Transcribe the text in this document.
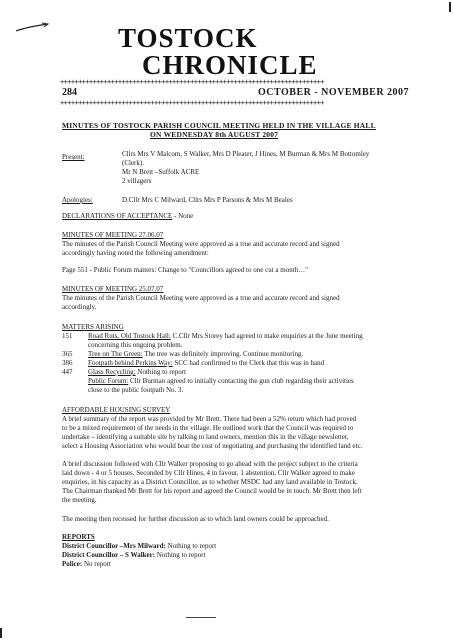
TOSTOCK
CHRONICLE
+++++++++++++++++++++++++++++++++++++++++++++++++++++++++++++++++++++++++
284	OCTOBER - NOVEMBER 2007
+++++++++++++++++++++++++++++++++++++++++++++++++++++++++++++++++++++++++
MINUTES OF TOSTOCK PARISH COUNCIL MEETING HELD IN THE VILLAGE HALL
ON WEDNESDAY 8th AUGUST 2007
Present:	Cllrs Mrs V Malcom, S Walker, Mrs D Pleater, J Hines, M Burman & Mrs M Bottomley
(Clerk).
Mr N Brett –Suffolk ACRE
2 villagers
Apologies:	D.Cllr Mrs C Milward, Cllrs Mrs P Parsons & Mrs M Beales
DECLARATIONS OF ACCEPTANCE - None
MINUTES OF MEETING 27.06.07
The minutes of the Parish Council Meeting were approved as a true and accurate record and signed
accordingly having noted the following amendment:
Page 551 - Public Forum matters: Change to "Councillors agreed to one cut a month…"
MINUTES OF MEETING 25.07.07
The minutes of the Parish Council Meeting were approved as a true and accurate record and signed
accordingly.
MATTERS ARISING
151 Road Ruts, Old Tostock Hall: C.Cllr Mrs Storey had agreed to make enquiries at the June meeting
concerning this ongoing problem.
365 Tree on The Green: The tree was definitely improving. Continue monitoring.
386 Footpath behind Perkins Way: SCC had confirmed to the Clerk that this was in hand
447 Glass Recycling: Nothing to report
Public Forum: Cllr Burman agreed to initially contacting the gun club regarding their activities
close to the public footpath No. 3.
AFFORDABLE HOUSING SURVEY
A brief summary of the report was provided by Mr Brett. There had been a 52% return which had proved
to be a mixed requirement of the needs in the village. He outlined work that the Council was required to
undertake – identifying a suitable site by talking to land owners, mention this in the village newsletter,
select a Housing Association who would bear the cost of negotiating and purchasing the identified land etc.
A brief discussion followed with Cllr Walker proposing to go ahead with the project subject to the criteria
laid down - 4 or 5 houses. Seconded by Cllr Hines, 4 in favour, 1 abstention. Cllr Walker agreed to make
enquiries, in his capacity as a District Councillor, as to whether MSDC had any land available in Tostock.
The Chairman thanked Mr Brett for his report and agreed the Council would be in touch. Mr Brett then left
the meeting.
The meeting then recessed for further discussion as to which land owners could be approached.
REPORTS
District Councillor –Mrs Milward: Nothing to report
District Councillor – S Walker: Nothing to report
Police: No report
